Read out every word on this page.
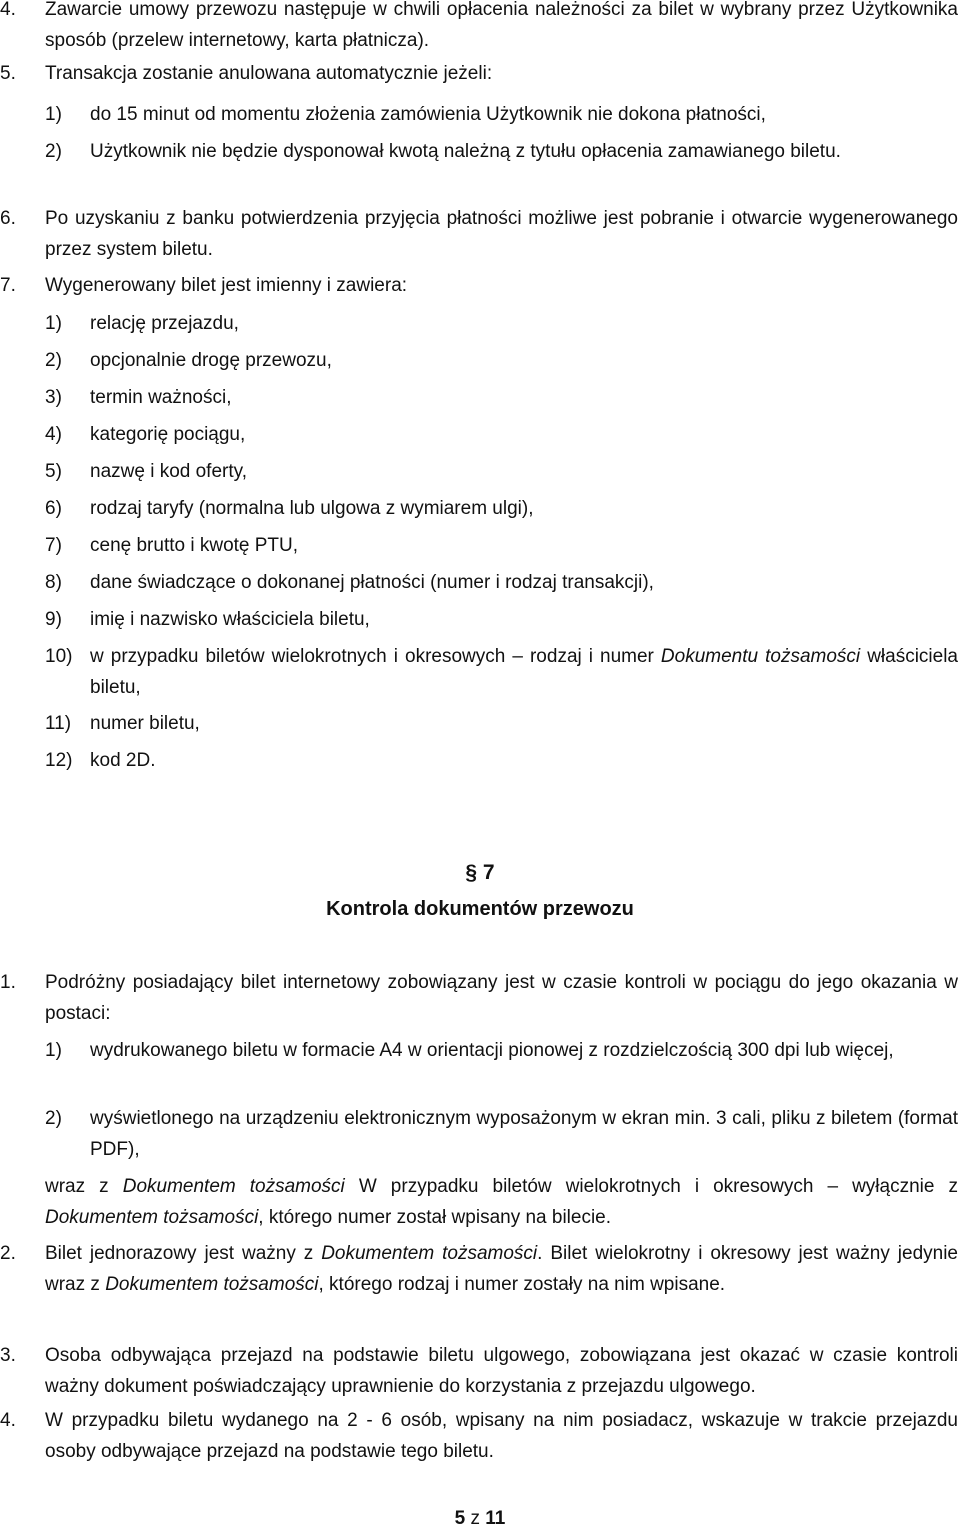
4. Zawarcie umowy przewozu następuje w chwili opłacenia należności za bilet w wybrany przez Użytkownika sposób (przelew internetowy, karta płatnicza).
5. Transakcja zostanie anulowana automatycznie jeżeli:
1) do 15 minut od momentu złożenia zamówienia Użytkownik nie dokona płatności,
2) Użytkownik nie będzie dysponował kwotą należną z tytułu opłacenia zamawianego biletu.
6. Po uzyskaniu z banku potwierdzenia przyjęcia płatności możliwe jest pobranie i otwarcie wygenerowanego przez system biletu.
7. Wygenerowany bilet jest imienny i zawiera:
1) relację przejazdu,
2) opcjonalnie drogę przewozu,
3) termin ważności,
4) kategorię pociągu,
5) nazwę i kod oferty,
6) rodzaj taryfy (normalna lub ulgowa z wymiarem ulgi),
7) cenę brutto i kwotę PTU,
8) dane świadczące o dokonanej płatności (numer i rodzaj transakcji),
9) imię i nazwisko właściciela biletu,
10) w przypadku biletów wielokrotnych i okresowych – rodzaj i numer Dokumentu tożsamości właściciela biletu,
11) numer biletu,
12) kod 2D.
§ 7
Kontrola dokumentów przewozu
1. Podróżny posiadający bilet internetowy zobowiązany jest w czasie kontroli w pociągu do jego okazania w postaci:
1) wydrukowanego biletu w formacie A4 w orientacji pionowej z rozdzielczością 300 dpi lub więcej,
2) wyświetlonego na urządzeniu elektronicznym wyposażonym w ekran min. 3 cali, pliku z biletem (format PDF),
wraz z Dokumentem tożsamości W przypadku biletów wielokrotnych i okresowych – wyłącznie z Dokumentem tożsamości, którego numer został wpisany na bilecie.
2. Bilet jednorazowy jest ważny z Dokumentem tożsamości. Bilet wielokrotny i okresowy jest ważny jedynie wraz z Dokumentem tożsamości, którego rodzaj i numer zostały na nim wpisane.
3. Osoba odbywająca przejazd na podstawie biletu ulgowego, zobowiązana jest okazać w czasie kontroli ważny dokument poświadczający uprawnienie do korzystania z przejazdu ulgowego.
4. W przypadku biletu wydanego na 2 - 6 osób, wpisany na nim posiadacz, wskazuje w trakcie przejazdu osoby odbywające przejazd na podstawie tego biletu.
5 z 11
